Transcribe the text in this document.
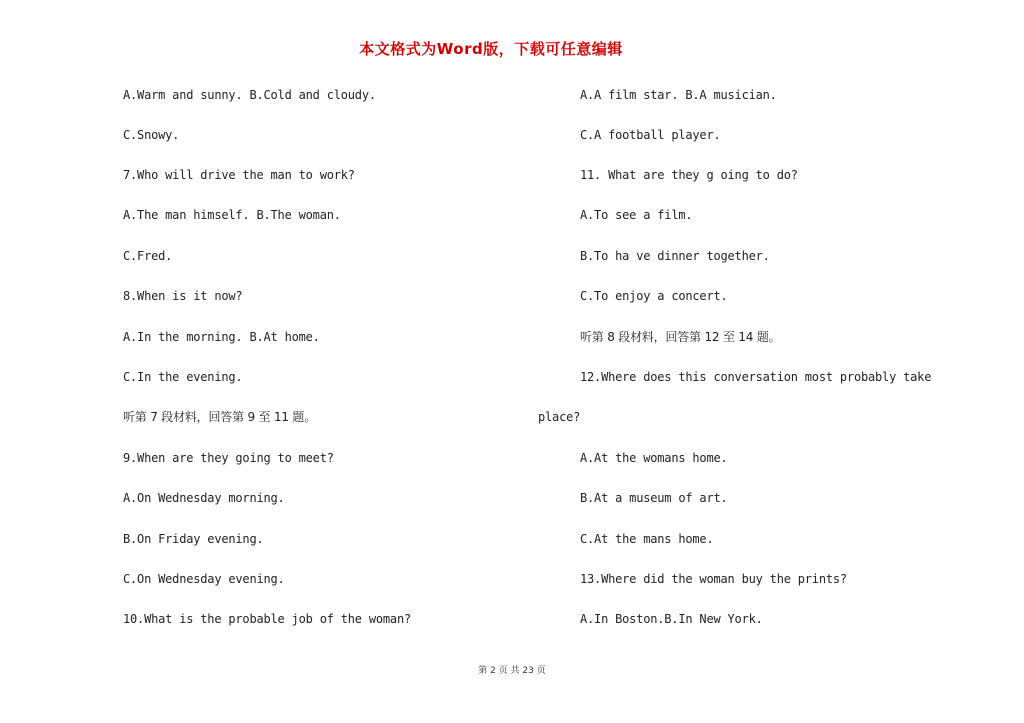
本文格式为Word版，下载可任意编辑
A.Warm and sunny. B.Cold and cloudy.
C.Snowy.
7.Who will drive the man to work?
A.The man himself. B.The woman.
C.Fred.
8.When is it now?
A.In the morning. B.At home.
C.In the evening.
听第 7 段材料，回答第 9 至 11 题。
9.When are they going to meet?
A.On Wednesday morning.
B.On Friday evening.
C.On Wednesday evening.
10.What is the probable job of the woman?
A.A film star. B.A musician.
C.A football player.
11. What are they g oing to do?
A.To see a film.
B.To ha ve dinner together.
C.To enjoy a concert.
听第 8 段材料，回答第 12 至 14 题。
12.Where does this conversation most probably take
place?
A.At the womans home.
B.At a museum of art.
C.At the mans home.
13.Where did the woman buy the prints?
A.In Boston.B.In New York.
第 2 页 共 23 页
